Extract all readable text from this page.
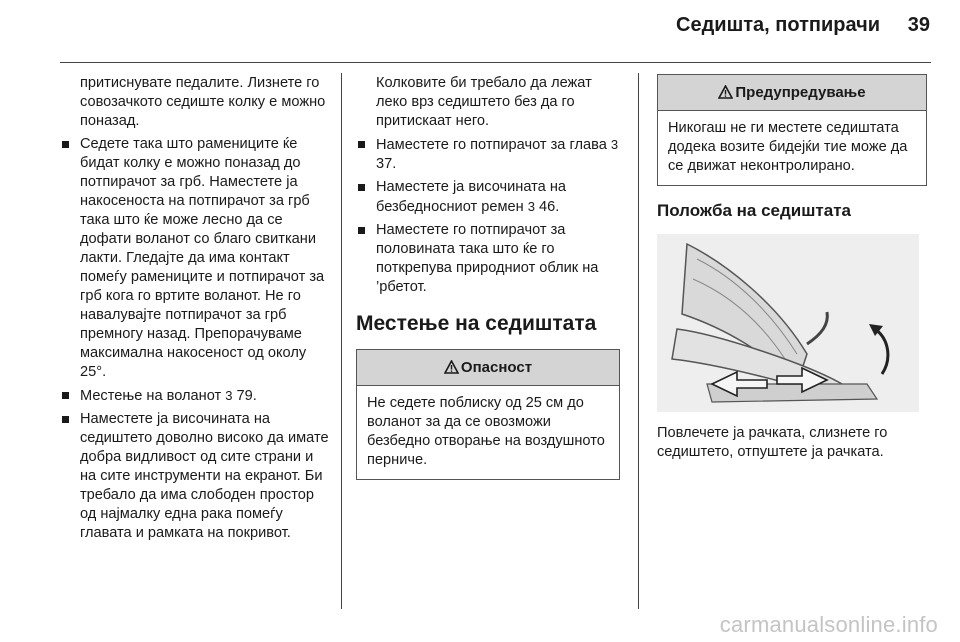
Седишта, потпирачи	39

притиснувате педалите. Лизнете го совозачкото седиште колку е можно поназад.

Седете така што рамениците ќе бидат колку е можно поназад до потпирачот за грб. Наместете ја накосеноста на потпирачот за грб така што ќе може лесно да се дофати воланот со благо свиткани лакти. Гледајте да има контакт помеѓу рамениците и потпирачот за грб кога го вртите воланот. Не го навалувајте потпирачот за грб премногу назад. Препорачуваме максимална накосеност од околу 25°.
Местење на воланот 3 79.
Наместете ја височината на седиштето доволно високо да имате добра видливост од сите страни и на сите инструменти на екранот. Би требало да има слободен простор од најмалку една рака помеѓу главата и рамката на покривот.

Колковите би требало да лежат леко врз седиштето без да го притискаат него.

Наместете го потпирачот за глава 3 37.
Наместете ја височината на безбедносниот ремен 3 46.
Наместете го потпирачот за половината така што ќе го поткрепува природниот облик на ’рбетот.
Местење на седиштата
Опасност
Не седете поблиску од 25 см до воланот за да се овозможи безбедно отворање на воздушното перниче.
Предупредување
Никогаш не ги местете седиштата додека возите бидејќи тие може да се движат неконтролирано.
Положба на седиштата

Повлечете ја рачката, слизнете го седиштето, отпуштете ја рачката.

carmanualsonline.info
